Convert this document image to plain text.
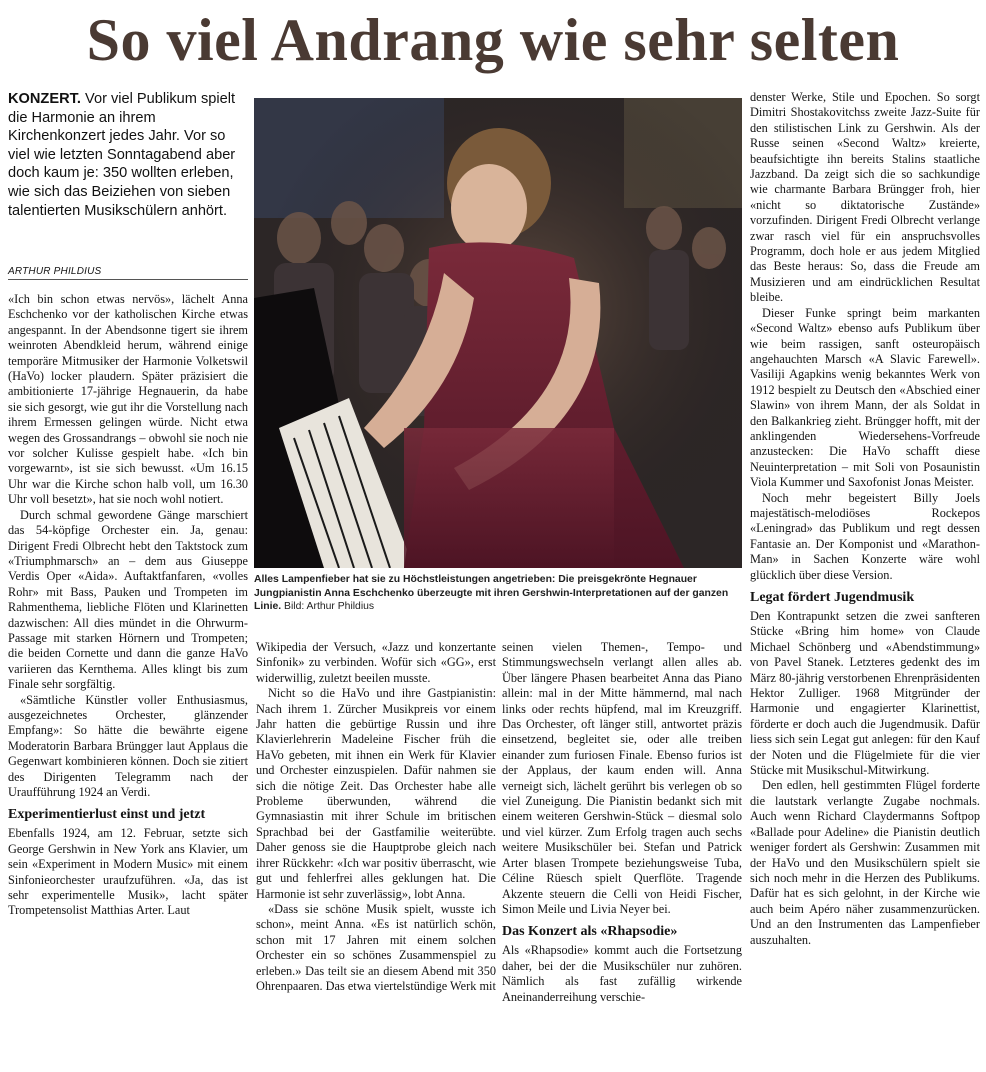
So viel Andrang wie sehr selten
KONZERT. Vor viel Publikum spielt die Harmonie an ihrem Kirchenkonzert jedes Jahr. Vor so viel wie letzten Sonntagabend aber doch kaum je: 350 wollten erleben, wie sich das Beiziehen von sieben talentierten Musikschülern anhört.
ARTHUR PHILDIUS

«Ich bin schon etwas nervös», lächelt Anna Eschchenko vor der katholischen Kirche etwas angespannt. In der Abendsonne tigert sie ihrem weinroten Abendkleid herum, während einige temporäre Mitmusiker der Harmonie Volketswil (HaVo) locker plaudern. Später präzisiert die ambitionierte 17-jährige Hegnauerin, da habe sie sich gesorgt, wie gut ihr die Vorstellung nach ihrem Ermessen gelingen würde. Nicht etwa wegen des Grossandrangs – obwohl sie noch nie vor solcher Kulisse gespielt habe. «Ich bin vorgewarnt», ist sie sich bewusst. «Um 16.15 Uhr war die Kirche schon halb voll, um 16.30 Uhr voll besetzt», hat sie noch wohl notiert.

Durch schmal gewordene Gänge marschiert das 54-köpfige Orchester ein. Ja, genau: Dirigent Fredi Olbrecht hebt den Taktstock zum «Triumphmarsch» an – dem aus Giuseppe Verdis Oper «Aida». Auftaktfanfaren, «volles Rohr» mit Bass, Pauken und Trompeten im Rahmenthema, liebliche Flöten und Klarinetten dazwischen: All dies mündet in die Ohrwurm-Passage mit starken Hörnern und Trompeten; die beiden Cornette und dann die ganze HaVo variieren das Kernthema. Alles klingt bis zum Finale sehr sorgfältig.

«Sämtliche Künstler voller Enthusiasmus, ausgezeichnetes Orchester, glänzender Empfang»: So hätte die bewährte eigene Moderatorin Barbara Brüngger laut Applaus die Gegenwart kombinieren können. Doch sie zitiert des Dirigenten Telegramm nach der Uraufführung 1924 an Verdi.

Experimentierlust einst und jetzt

Ebenfalls 1924, am 12. Februar, setzte sich George Gershwin in New York ans Klavier, um sein «Experiment in Modern Music» mit einem Sinfonieorchester uraufzuführen. «Ja, das ist sehr experimentelle Musik», lacht später Trompetensolist Matthias Arter. Laut

Alles Lampenfieber hat sie zu Höchstleistungen angetrieben: Die preisgekrönte Hegnauer Jungpianistin Anna Eschchenko überzeugte mit ihren Gershwin-Interpretationen auf der ganzen Linie. Bild: Arthur Phildius

Wikipedia der Versuch, «Jazz und konzertante Sinfonik» zu verbinden. Wofür sich «GG», erst widerwillig, zuletzt beeilen musste.

Nicht so die HaVo und ihre Gastpianistin: Nach ihrem 1. Zürcher Musikpreis vor einem Jahr hatten die gebürtige Russin und ihre Klavierlehrerin Madeleine Fischer früh die HaVo gebeten, mit ihnen ein Werk für Klavier und Orchester einzuspielen. Dafür nahmen sie sich die nötige Zeit. Das Orchester habe alle Probleme überwunden, während die Gymnasiastin mit ihrer Schule im britischen Sprachbad bei der Gastfamilie weiterübte. Daher genoss sie die Hauptprobe gleich nach ihrer Rückkehr: «Ich war positiv überrascht, wie gut und fehlerfrei alles geklungen hat. Die Harmonie ist sehr zuverlässig», lobt Anna.

«Dass sie schöne Musik spielt, wusste ich schon», meint Anna. «Es ist natürlich schön, schon mit 17 Jahren mit einem solchen Orchester ein so schönes Zusammenspiel zu erleben.» Das teilt sie an diesem Abend mit 350 Ohrenpaaren. Das etwa viertelstündige Werk mit

seinen vielen Themen-, Tempo- und Stimmungswechseln verlangt allen alles ab. Über längere Phasen bearbeitet Anna das Piano allein: mal in der Mitte hämmernd, mal nach links oder rechts hüpfend, mal im Kreuzgriff. Das Orchester, oft länger still, antwortet präzis einsetzend, begleitet sie, oder alle treiben einander zum furiosen Finale. Ebenso furios ist der Applaus, der kaum enden will. Anna verneigt sich, lächelt gerührt bis verlegen ob so viel Zuneigung. Die Pianistin bedankt sich mit einem weiteren Gershwin-Stück – diesmal solo und viel kürzer. Zum Erfolg tragen auch sechs weitere Musikschüler bei. Stefan und Patrick Arter blasen Trompete beziehungsweise Tuba, Céline Rüesch spielt Querflöte. Tragende Akzente steuern die Celli von Heidi Fischer, Simon Meile und Livia Neyer bei.

Das Konzert als «Rhapsodie»

Als «Rhapsodie» kommt auch die Fortsetzung daher, bei der die Musikschüler nur zuhören. Nämlich als fast zufällig wirkende Aneinanderreihung verschie-

denster Werke, Stile und Epochen. So sorgt Dimitri Shostakovitchss zweite Jazz-Suite für den stilistischen Link zu Gershwin. Als der Russe seinen «Second Waltz» kreierte, beaufsichtigte ihn bereits Stalins staatliche Jazzband. Da zeigt sich die so sachkundige wie charmante Barbara Brüngger froh, hier «nicht so diktatorische Zustände» vorzufinden. Dirigent Fredi Olbrecht verlange zwar rasch viel für ein anspruchsvolles Programm, doch hole er aus jedem Mitglied das Beste heraus: So, dass die Freude am Musizieren und am eindrücklichen Resultat bleibe.

Dieser Funke springt beim markanten «Second Waltz» ebenso aufs Publikum über wie beim rassigen, sanft osteuropäisch angehauchten Marsch «A Slavic Farewell». Vasiliji Agapkins wenig bekanntes Werk von 1912 bespielt zu Deutsch den «Abschied einer Slawin» von ihrem Mann, der als Soldat in den Balkankrieg zieht. Brüngger hofft, mit der anklingenden Wiedersehens-Vorfreude anzustecken: Die HaVo schafft diese Neuinterpretation – mit Soli von Posaunistin Viola Kummer und Saxofonist Jonas Meister.

Noch mehr begeistert Billy Joels majestätisch-melodiöses Rockepos «Leningrad» das Publikum und regt dessen Fantasie an. Der Komponist und «Marathon-Man» in Sachen Konzerte wäre wohl glücklich über diese Version.

Legat fördert Jugendmusik

Den Kontrapunkt setzen die zwei sanfteren Stücke «Bring him home» von Claude Michael Schönberg und «Abendstimmung» von Pavel Stanek. Letzteres gedenkt des im März 80-jährig verstorbenen Ehrenpräsidenten Hektor Zulliger. 1968 Mitgründer der Harmonie und engagierter Klarinettist, förderte er doch auch die Jugendmusik. Dafür liess sich sein Legat gut anlegen: für den Kauf der Noten und die Flügelmiete für die vier Stücke mit Musikschul-Mitwirkung.

Den edlen, hell gestimmten Flügel forderte die lautstark verlangte Zugabe nochmals. Auch wenn Richard Claydermanns Softpop «Ballade pour Adeline» die Pianistin deutlich weniger fordert als Gershwin: Zusammen mit der HaVo und den Musikschülern spielt sie sich noch mehr in die Herzen des Publikums. Dafür hat es sich gelohnt, in der Kirche wie auch beim Apéro näher zusammenzurücken. Und an den Instrumenten das Lampenfieber auszuhalten.
